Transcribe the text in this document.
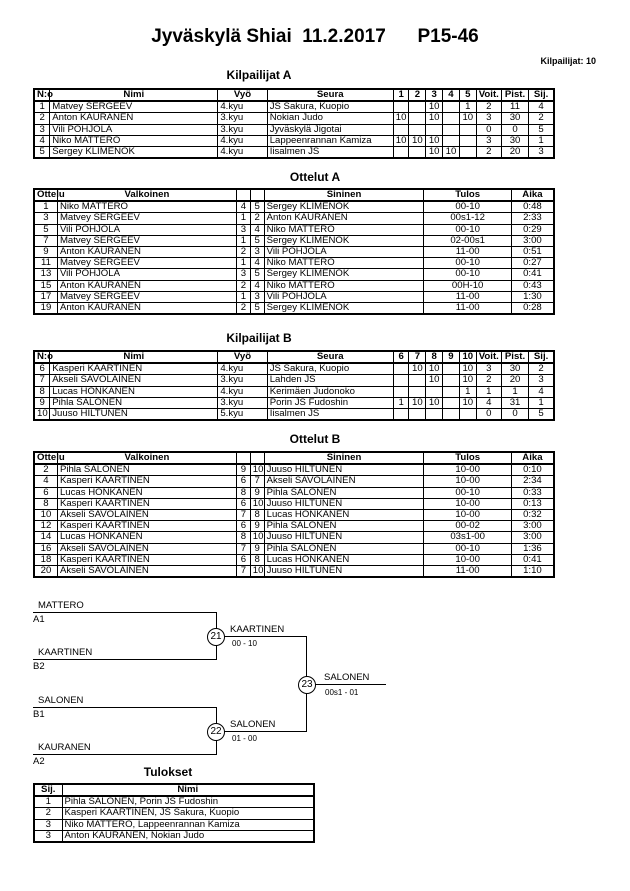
Jyväskylä Shiai 11.2.2017 P15-46
Kilpailijat: 10
Kilpailijat A
N:o	Nimi	Vyö	Seura	1	2	3	4	5	Voit.	Pist.	Sij.
1	Matvey SERGEEV	4.kyu	JS Sakura, Kuopio			10		1	2	11	4
2	Anton KAURANEN	3.kyu	Nokian Judo	10		10		10	3	30	2
3	Vili POHJOLA	3.kyu	Jyväskylä Jigotai						0	0	5
4	Niko MATTERO	4.kyu	Lappeenrannan Kamiza	10	10	10			3	30	1
5	Sergey KLIMENOK	4.kyu	Iisalmen JS			10	10		2	20	3
Ottelut A
Ottelu	Valkoinen			Sininen	Tulos	Aika
1	Niko MATTERO	4	5	Sergey KLIMENOK	00-10	0:48
3	Matvey SERGEEV	1	2	Anton KAURANEN	00s1-12	2:33
5	Vili POHJOLA	3	4	Niko MATTERO	00-10	0:29
7	Matvey SERGEEV	1	5	Sergey KLIMENOK	02-00s1	3:00
9	Anton KAURANEN	2	3	Vili POHJOLA	11-00	0:51
11	Matvey SERGEEV	1	4	Niko MATTERO	00-10	0:27
13	Vili POHJOLA	3	5	Sergey KLIMENOK	00-10	0:41
15	Anton KAURANEN	2	4	Niko MATTERO	00H-10	0:43
17	Matvey SERGEEV	1	3	Vili POHJOLA	11-00	1:30
19	Anton KAURANEN	2	5	Sergey KLIMENOK	11-00	0:28
Kilpailijat B
N:o	Nimi	Vyö	Seura	6	7	8	9	10	Voit.	Pist.	Sij.
6	Kasperi KAARTINEN	4.kyu	JS Sakura, Kuopio		10	10		10	3	30	2
7	Akseli SAVOLAINEN	3.kyu	Lahden JS			10		10	2	20	3
8	Lucas HONKANEN	4.kyu	Kerimäen Judonoko					1	1	1	4
9	Pihla SALONEN	3.kyu	Porin JS Fudoshin	1	10	10		10	4	31	1
10	Juuso HILTUNEN	5.kyu	Iisalmen JS						0	0	5
Ottelut B
Ottelu	Valkoinen			Sininen	Tulos	Aika
2	Pihla SALONEN	9	10	Juuso HILTUNEN	10-00	0:10
4	Kasperi KAARTINEN	6	7	Akseli SAVOLAINEN	10-00	2:34
6	Lucas HONKANEN	8	9	Pihla SALONEN	00-10	0:33
8	Kasperi KAARTINEN	6	10	Juuso HILTUNEN	10-00	0:13
10	Akseli SAVOLAINEN	7	8	Lucas HONKANEN	10-00	0:32
12	Kasperi KAARTINEN	6	9	Pihla SALONEN	00-02	3:00
14	Lucas HONKANEN	8	10	Juuso HILTUNEN	03s1-00	3:00
16	Akseli SAVOLAINEN	7	9	Pihla SALONEN	00-10	1:36
18	Kasperi KAARTINEN	6	8	Lucas HONKANEN	10-00	0:41
20	Akseli SAVOLAINEN	7	10	Juuso HILTUNEN	11-00	1:10
MATTERO
A1
KAARTINEN
B2
21
KAARTINEN
00 - 10
SALONEN
B1
KAURANEN
A2
22
SALONEN
01 - 00
23
SALONEN
00s1 - 01
Tulokset
Sij.	Nimi
1	Pihla SALONEN, Porin JS Fudoshin
2	Kasperi KAARTINEN, JS Sakura, Kuopio
3	Niko MATTERO, Lappeenrannan Kamiza
3	Anton KAURANEN, Nokian Judo
